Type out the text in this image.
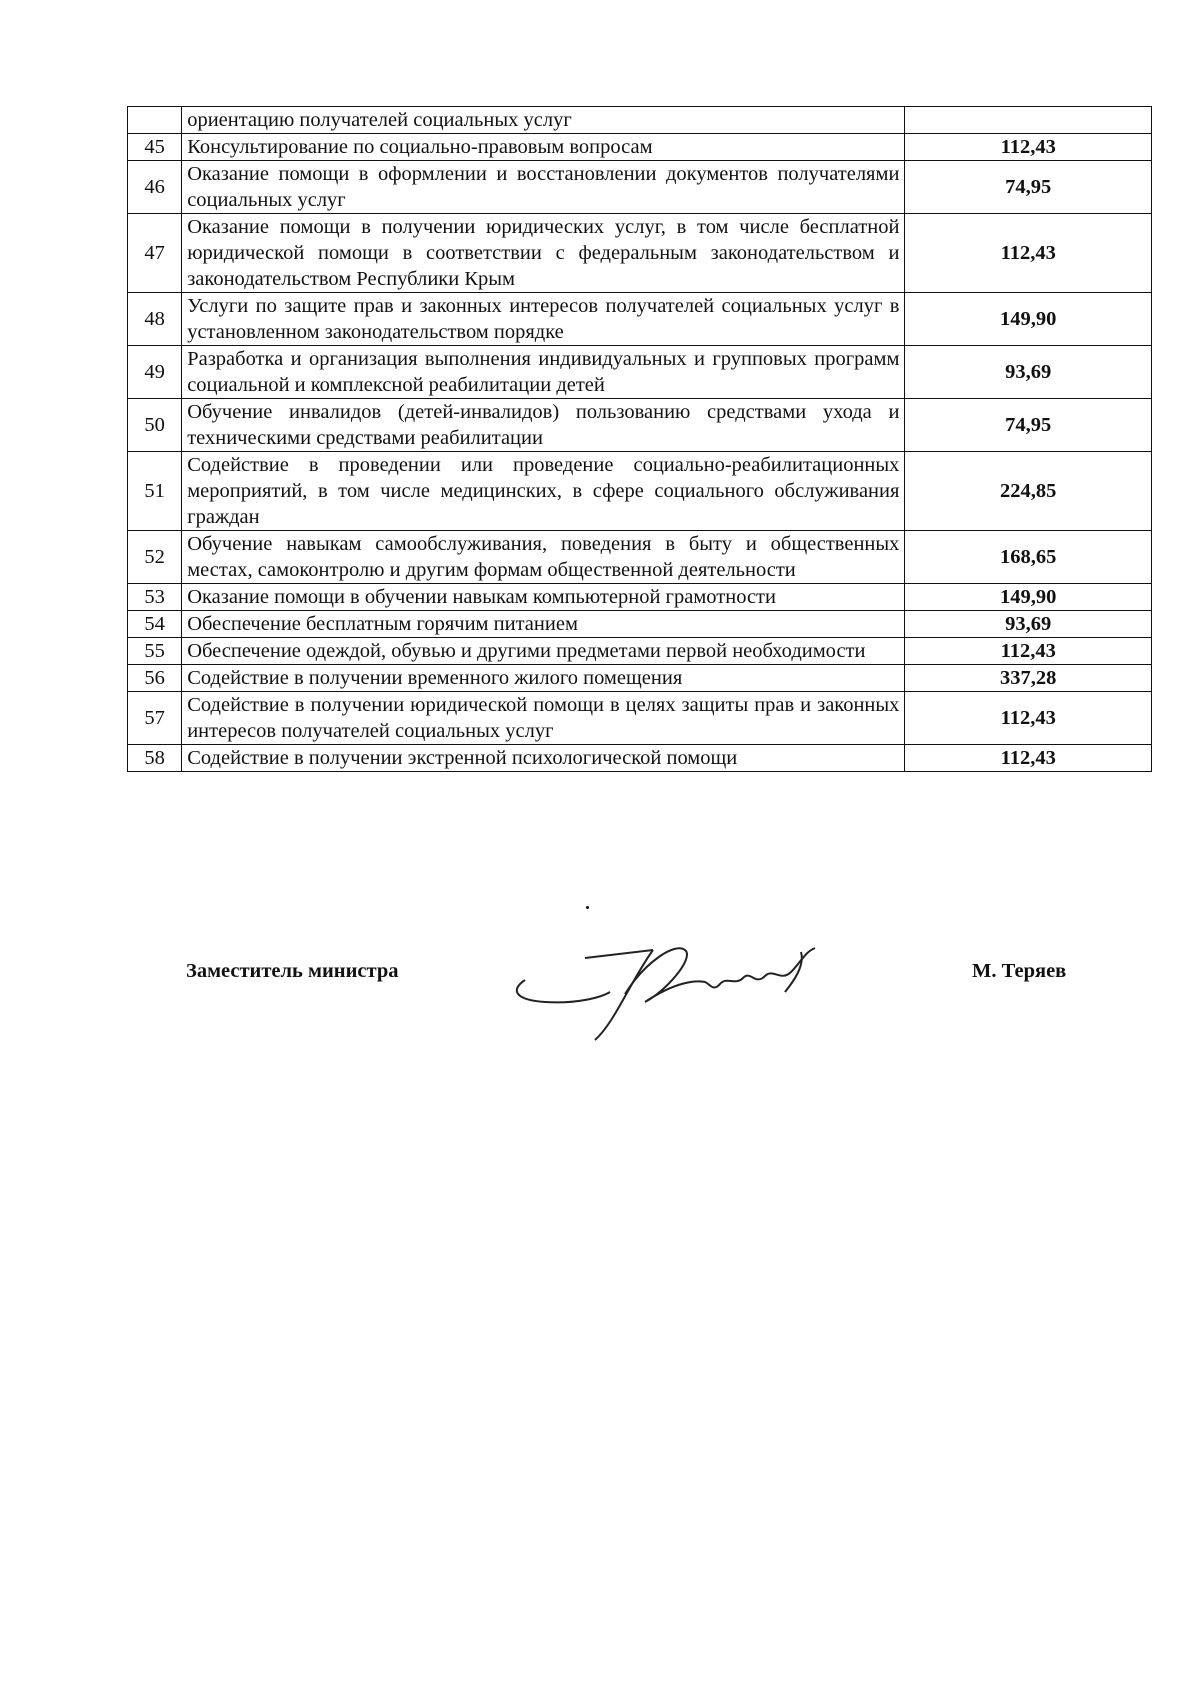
	ориентацию получателей социальных услуг	
45	Консультирование по социально-правовым вопросам	112,43
46	Оказание помощи в оформлении и восстановлении документов получателями социальных услуг	74,95
47	Оказание помощи в получении юридических услуг, в том числе бесплатной юридической помощи в соответствии с федеральным законодательством и законодательством Республики Крым	112,43
48	Услуги по защите прав и законных интересов получателей социальных услуг в установленном законодательством порядке	149,90
49	Разработка и организация выполнения индивидуальных и групповых программ социальной и комплексной реабилитации детей	93,69
50	Обучение инвалидов (детей-инвалидов) пользованию средствами ухода и техническими средствами реабилитации	74,95
51	Содействие в проведении или проведение социально-реабилитационных мероприятий, в том числе медицинских, в сфере социального обслуживания граждан	224,85
52	Обучение навыкам самообслуживания, поведения в быту и общественных местах, самоконтролю и другим формам общественной деятельности	168,65
53	Оказание помощи в обучении навыкам компьютерной грамотности	149,90
54	Обеспечение бесплатным горячим питанием	93,69
55	Обеспечение одеждой, обувью и другими предметами первой необходимости	112,43
56	Содействие в получении временного жилого помещения	337,28
57	Содействие в получении юридической помощи в целях защиты прав и законных интересов получателей социальных услуг	112,43
58	Содействие в получении экстренной психологической помощи	112,43
Заместитель министра	М. Теряев
